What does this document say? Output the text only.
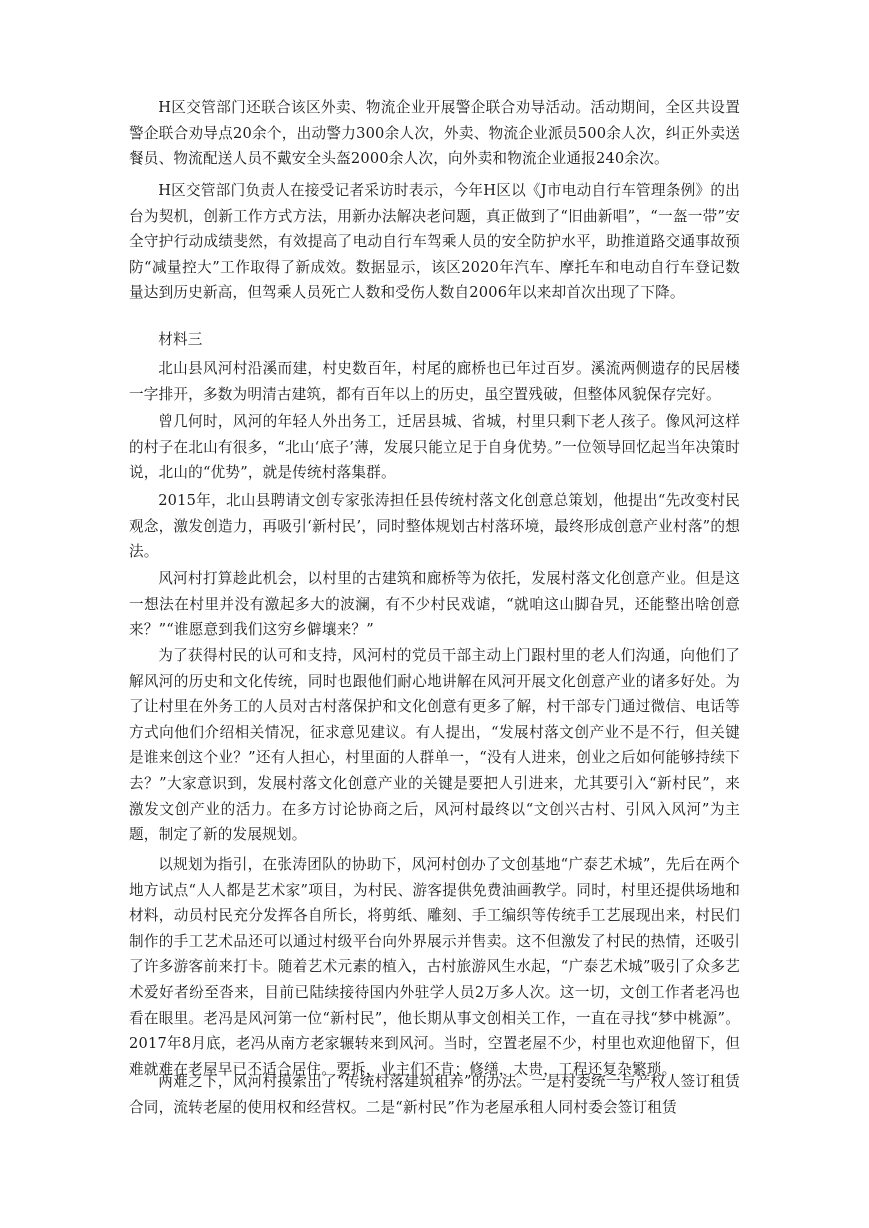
H区交管部门还联合该区外卖、物流企业开展警企联合劝导活动。活动期间，全区共设置警企联合劝导点20余个，出动警力300余人次，外卖、物流企业派员500余人次，纠正外卖送餐员、物流配送人员不戴安全头盔2000余人次，向外卖和物流企业通报240余次。

H区交管部门负责人在接受记者采访时表示，今年H区以《J市电动自行车管理条例》的出台为契机，创新工作方式方法，用新办法解决老问题，真正做到了“旧曲新唱”，“一盔一带”安全守护行动成绩斐然，有效提高了电动自行车驾乘人员的安全防护水平，助推道路交通事故预防“减量控大”工作取得了新成效。数据显示，该区2020年汽车、摩托车和电动自行车登记数量达到历史新高，但驾乘人员死亡人数和受伤人数自2006年以来却首次出现了下降。

材料三

北山县风河村沿溪而建，村史数百年，村尾的廊桥也已年过百岁。溪流两侧遗存的民居楼一字排开，多数为明清古建筑，都有百年以上的历史，虽空置残破，但整体风貌保存完好。

曾几何时，风河的年轻人外出务工，迁居县城、省城，村里只剩下老人孩子。像风河这样的村子在北山有很多，“北山‘底子’薄，发展只能立足于自身优势。”一位领导回忆起当年决策时说，北山的“优势”，就是传统村落集群。

2015年，北山县聘请文创专家张涛担任县传统村落文化创意总策划，他提出“先改变村民观念，激发创造力，再吸引‘新村民’，同时整体规划古村落环境，最终形成创意产业村落”的想法。

风河村打算趁此机会，以村里的古建筑和廊桥等为依托，发展村落文化创意产业。但是这一想法在村里并没有激起多大的波澜，有不少村民戏谑，“就咱这山脚旮旯，还能整出啥创意来？”“谁愿意到我们这穷乡僻壤来？”

为了获得村民的认可和支持，风河村的党员干部主动上门跟村里的老人们沟通，向他们了解风河的历史和文化传统，同时也跟他们耐心地讲解在风河开展文化创意产业的诸多好处。为了让村里在外务工的人员对古村落保护和文化创意有更多了解，村干部专门通过微信、电话等方式向他们介绍相关情况，征求意见建议。有人提出，“发展村落文创产业不是不行，但关键是谁来创这个业？”还有人担心，村里面的人群单一，“没有人进来，创业之后如何能够持续下去？”大家意识到，发展村落文化创意产业的关键是要把人引进来，尤其要引入“新村民”，来激发文创产业的活力。在多方讨论协商之后，风河村最终以“文创兴古村、引风入风河”为主题，制定了新的发展规划。

以规划为指引，在张涛团队的协助下，风河村创办了文创基地“广泰艺术城”，先后在两个地方试点“人人都是艺术家”项目，为村民、游客提供免费油画教学。同时，村里还提供场地和材料，动员村民充分发挥各自所长，将剪纸、雕刻、手工编织等传统手工艺展现出来，村民们制作的手工艺术品还可以通过村级平台向外界展示并售卖。这不但激发了村民的热情，还吸引了许多游客前来打卡。随着艺术元素的植入，古村旅游风生水起，“广泰艺术城”吸引了众多艺术爱好者纷至沓来，目前已陆续接待国内外驻学人员2万多人次。这一切，文创工作者老冯也看在眼里。老冯是风河第一位“新村民”，他长期从事文创相关工作，一直在寻找“梦中桃源”。2017年8月底，老冯从南方老家辗转来到风河。当时，空置老屋不少，村里也欢迎他留下，但难就难在老屋早已不适合居住。要拆，业主们不肯；修缮，太贵，工程还复杂繁琐。

两难之下，风河村摸索出了“传统村落建筑租养”的办法。一是村委统一与产权人签订租赁合同，流转老屋的使用权和经营权。二是“新村民”作为老屋承租人同村委会签订租赁
